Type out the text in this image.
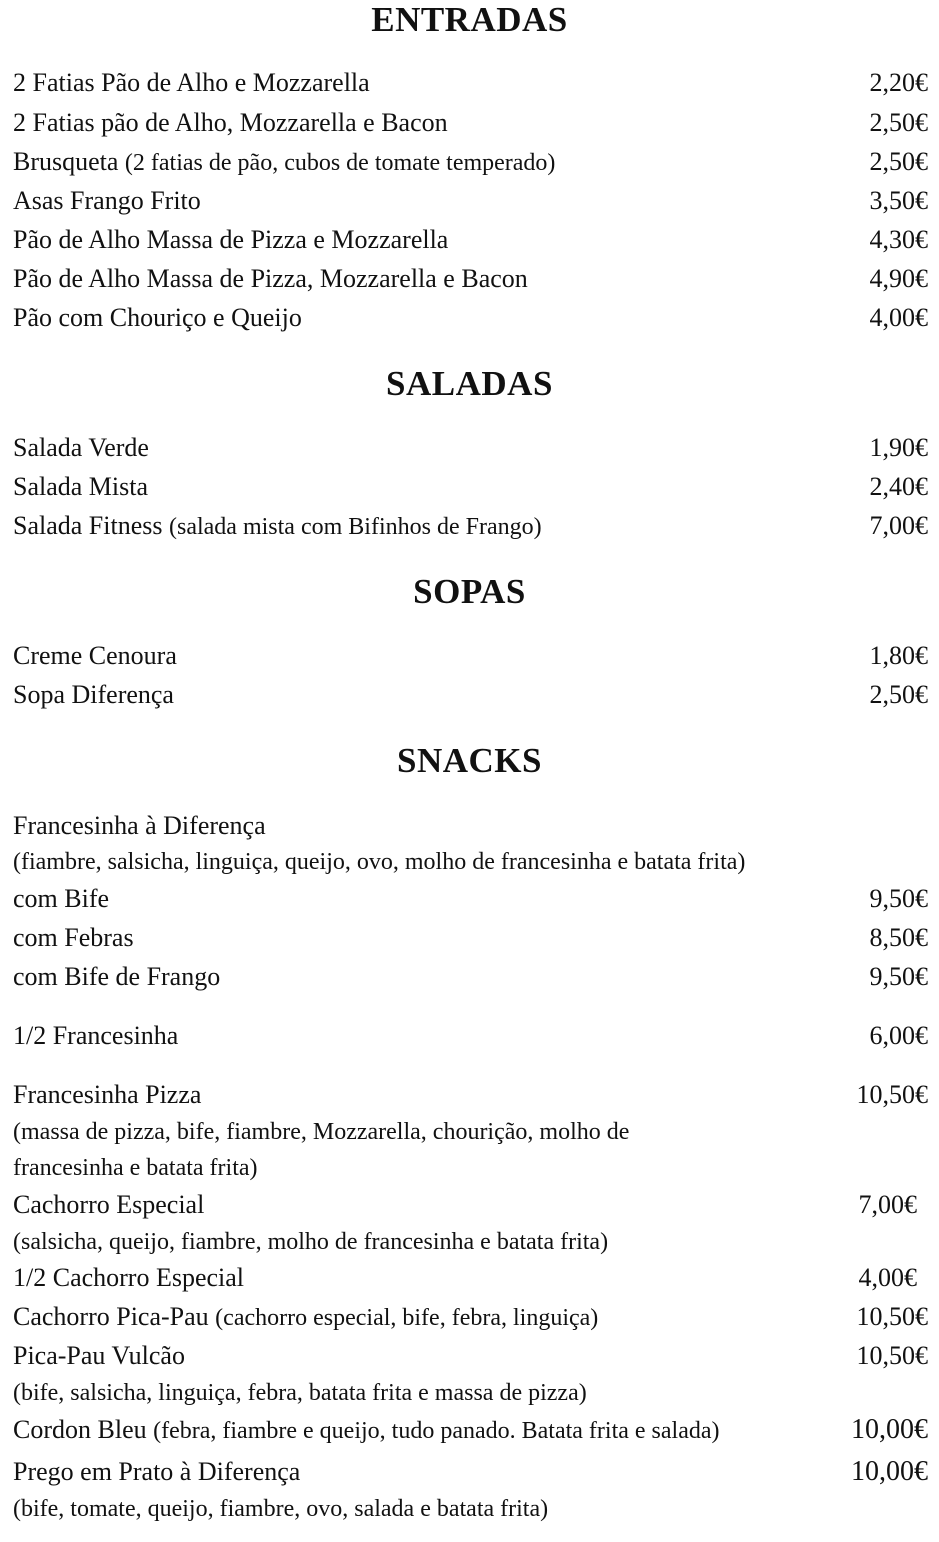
ENTRADAS
2 Fatias Pão de Alho e Mozzarella	2,20€
2 Fatias pão de Alho, Mozzarella e Bacon	2,50€
Brusqueta (2 fatias de pão, cubos de tomate temperado)	2,50€
Asas Frango Frito	3,50€
Pão de Alho Massa de Pizza e Mozzarella	4,30€
Pão de Alho Massa de Pizza, Mozzarella e Bacon	4,90€
Pão com Chouriço e Queijo	4,00€
SALADAS
Salada Verde	1,90€
Salada Mista	2,40€
Salada Fitness (salada mista com Bifinhos de Frango)	7,00€
SOPAS
Creme Cenoura	1,80€
Sopa Diferença	2,50€
SNACKS
Francesinha à Diferença
(fiambre, salsicha, linguiça, queijo, ovo, molho de francesinha e batata frita)
com Bife	9,50€
com Febras	8,50€
com Bife de Frango	9,50€
1/2 Francesinha	6,00€
Francesinha Pizza	10,50€
(massa de pizza, bife, fiambre, Mozzarella, chourição, molho de
francesinha e batata frita)
Cachorro Especial	7,00€
(salsicha, queijo, fiambre, molho de francesinha e batata frita)
1/2 Cachorro Especial	4,00€
Cachorro Pica-Pau (cachorro especial, bife, febra, linguiça)	10,50€
Pica-Pau Vulcão	10,50€
(bife, salsicha, linguiça, febra, batata frita e massa de pizza)
Cordon Bleu (febra, fiambre e queijo, tudo panado. Batata frita e salada)	10,00€
Prego em Prato à Diferença	10,00€
(bife, tomate, queijo, fiambre, ovo, salada e batata frita)
